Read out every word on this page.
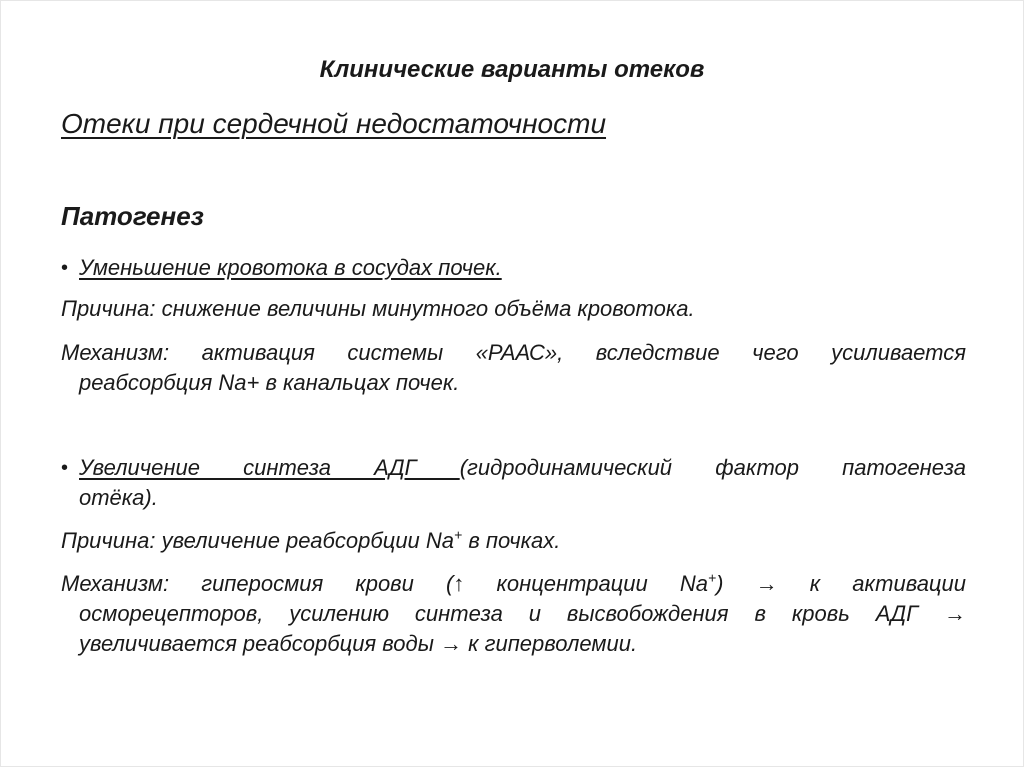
Клинические варианты отеков
Отеки при сердечной недостаточности
Патогенез
• Уменьшение кровотока в сосудах почек.
Причина: снижение величины минутного объёма кровотока.
Механизм: активация системы «РААС», вследствие чего усиливается
реабсорбция Na+ в канальцах почек.
• Увеличение синтеза АДГ (гидродинамический фактор патогенеза
отёка).
Причина: увеличение реабсорбции Na+ в почках.
Механизм: гиперосмия крови (↑ концентрации Na+) → к активации
осморецепторов, усилению синтеза и высвобождения в кровь АДГ →
увеличивается реабсорбция воды → к гиперволемии.
